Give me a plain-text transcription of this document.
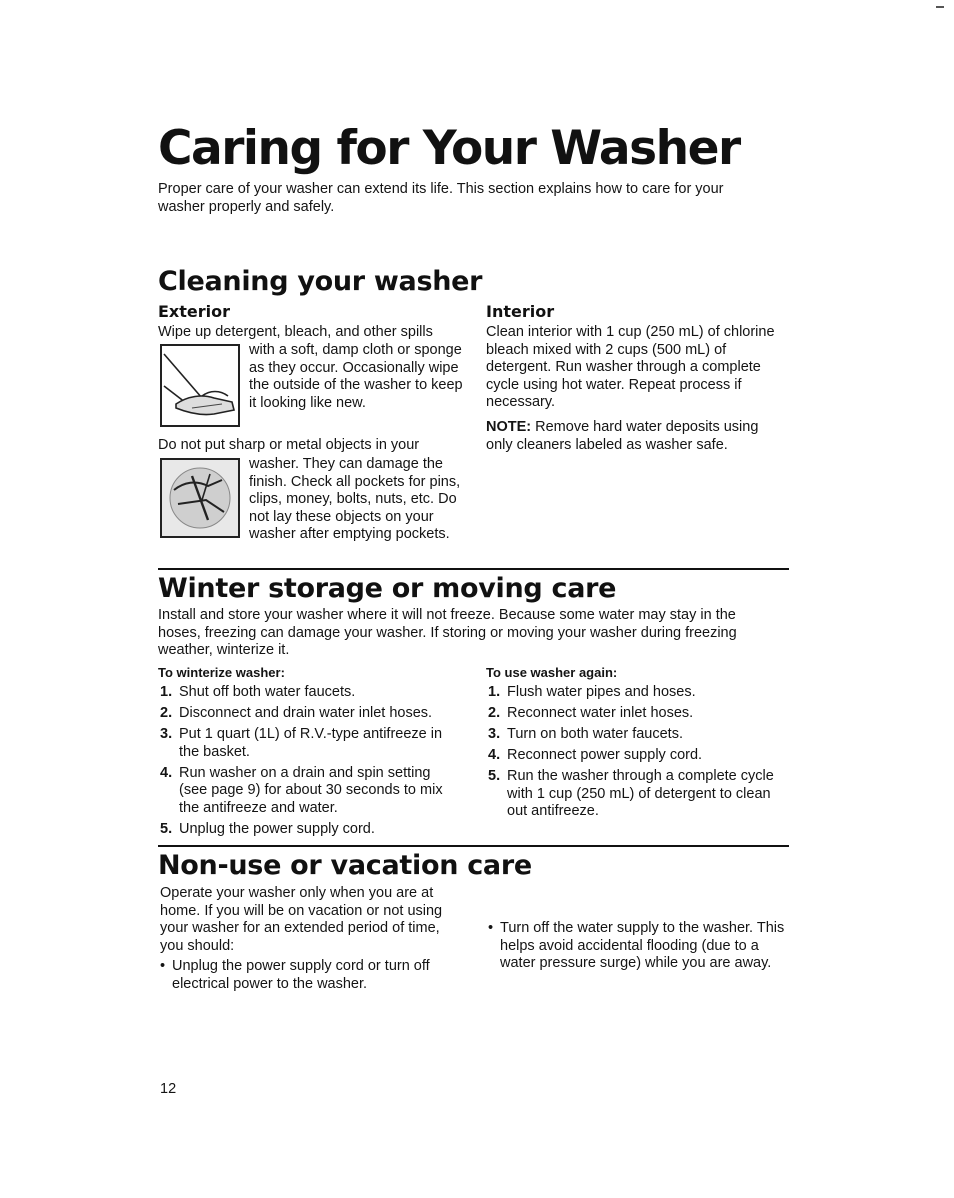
Caring for Your Washer

Proper care of your washer can extend its life. This section explains how to care for your washer properly and safely.

Cleaning your washer
Exterior

Wipe up detergent, bleach, and other spills

with a soft, damp cloth or sponge as they occur. Occasionally wipe the outside of the washer to keep it looking like new.

Do not put sharp or metal objects in your

washer. They can damage the finish. Check all pockets for pins, clips, money, bolts, nuts, etc. Do not lay these objects on your washer after emptying pockets.

Interior

Clean interior with 1 cup (250 mL) of chlorine bleach mixed with 2 cups (500 mL) of detergent. Run washer through a complete cycle using hot water. Repeat process if necessary.

NOTE: Remove hard water deposits using only cleaners labeled as washer safe.

Winter storage or moving care

Install and store your washer where it will not freeze. Because some water may stay in the hoses, freezing can damage your washer. If storing or moving your washer during freezing weather, winterize it.

To winterize washer:

1. Shut off both water faucets.
2. Disconnect and drain water inlet hoses.
3. Put 1 quart (1L) of R.V.-type antifreeze in the basket.
4. Run washer on a drain and spin setting (see page 9) for about 30 seconds to mix the antifreeze and water.
5. Unplug the power supply cord.

To use washer again:

1. Flush water pipes and hoses.
2. Reconnect water inlet hoses.
3. Turn on both water faucets.
4. Reconnect power supply cord.
5. Run the washer through a complete cycle with 1 cup (250 mL) of detergent to clean out antifreeze.
Non-use or vacation care

Operate your washer only when you are at home. If you will be on vacation or not using your washer for an extended period of time, you should:

• Unplug the power supply cord or turn off electrical power to the washer.

• Turn off the water supply to the washer. This helps avoid accidental flooding (due to a water pressure surge) while you are away.

12
